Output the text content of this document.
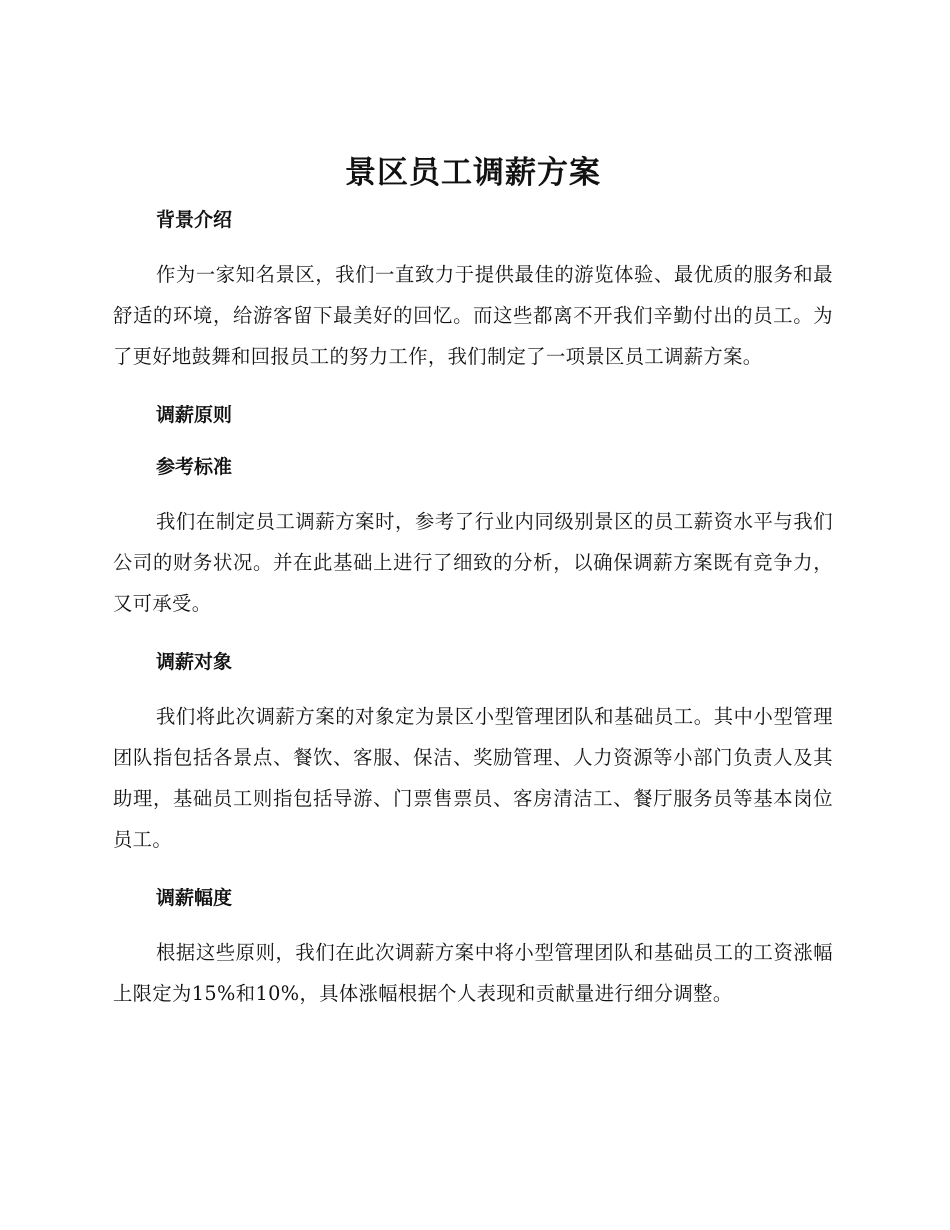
景区员工调薪方案
背景介绍

作为一家知名景区，我们一直致力于提供最佳的游览体验、最优质的服务和最舒适的环境，给游客留下最美好的回忆。而这些都离不开我们辛勤付出的员工。为了更好地鼓舞和回报员工的努力工作，我们制定了一项景区员工调薪方案。

调薪原则
参考标准

我们在制定员工调薪方案时，参考了行业内同级别景区的员工薪资水平与我们公司的财务状况。并在此基础上进行了细致的分析，以确保调薪方案既有竞争力，又可承受。

调薪对象

我们将此次调薪方案的对象定为景区小型管理团队和基础员工。其中小型管理团队指包括各景点、餐饮、客服、保洁、奖励管理、人力资源等小部门负责人及其助理，基础员工则指包括导游、门票售票员、客房清洁工、餐厅服务员等基本岗位员工。

调薪幅度

根据这些原则，我们在此次调薪方案中将小型管理团队和基础员工的工资涨幅上限定为15%和10%，具体涨幅根据个人表现和贡献量进行细分调整。
